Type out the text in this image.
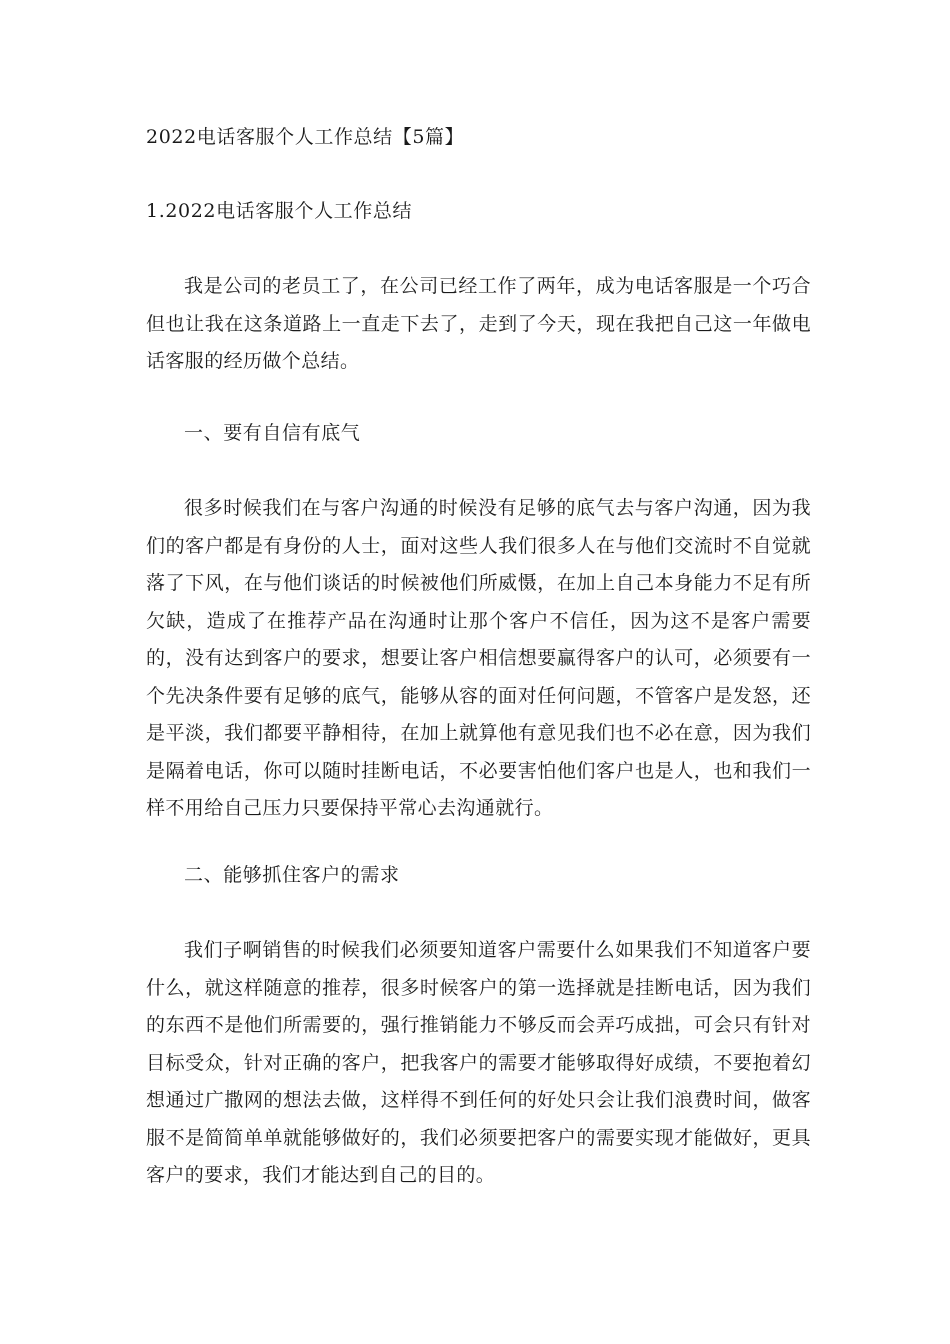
2022电话客服个人工作总结【5篇】
1.2022电话客服个人工作总结

我是公司的老员工了，在公司已经工作了两年，成为电话客服是一个巧合但也让我在这条道路上一直走下去了，走到了今天，现在我把自己这一年做电话客服的经历做个总结。

一、要有自信有底气

很多时候我们在与客户沟通的时候没有足够的底气去与客户沟通，因为我们的客户都是有身份的人士，面对这些人我们很多人在与他们交流时不自觉就落了下风，在与他们谈话的时候被他们所威慑，在加上自己本身能力不足有所欠缺，造成了在推荐产品在沟通时让那个客户不信任，因为这不是客户需要的，没有达到客户的要求，想要让客户相信想要赢得客户的认可，必须要有一个先决条件要有足够的底气，能够从容的面对任何问题，不管客户是发怒，还是平淡，我们都要平静相待，在加上就算他有意见我们也不必在意，因为我们是隔着电话，你可以随时挂断电话，不必要害怕他们客户也是人，也和我们一样不用给自己压力只要保持平常心去沟通就行。

二、能够抓住客户的需求

我们子啊销售的时候我们必须要知道客户需要什么如果我们不知道客户要什么，就这样随意的推荐，很多时候客户的第一选择就是挂断电话，因为我们的东西不是他们所需要的，强行推销能力不够反而会弄巧成拙，可会只有针对目标受众，针对正确的客户，把我客户的需要才能够取得好成绩，不要抱着幻想通过广撒网的想法去做，这样得不到任何的好处只会让我们浪费时间，做客服不是简简单单就能够做好的，我们必须要把客户的需要实现才能做好，更具客户的要求，我们才能达到自己的目的。
